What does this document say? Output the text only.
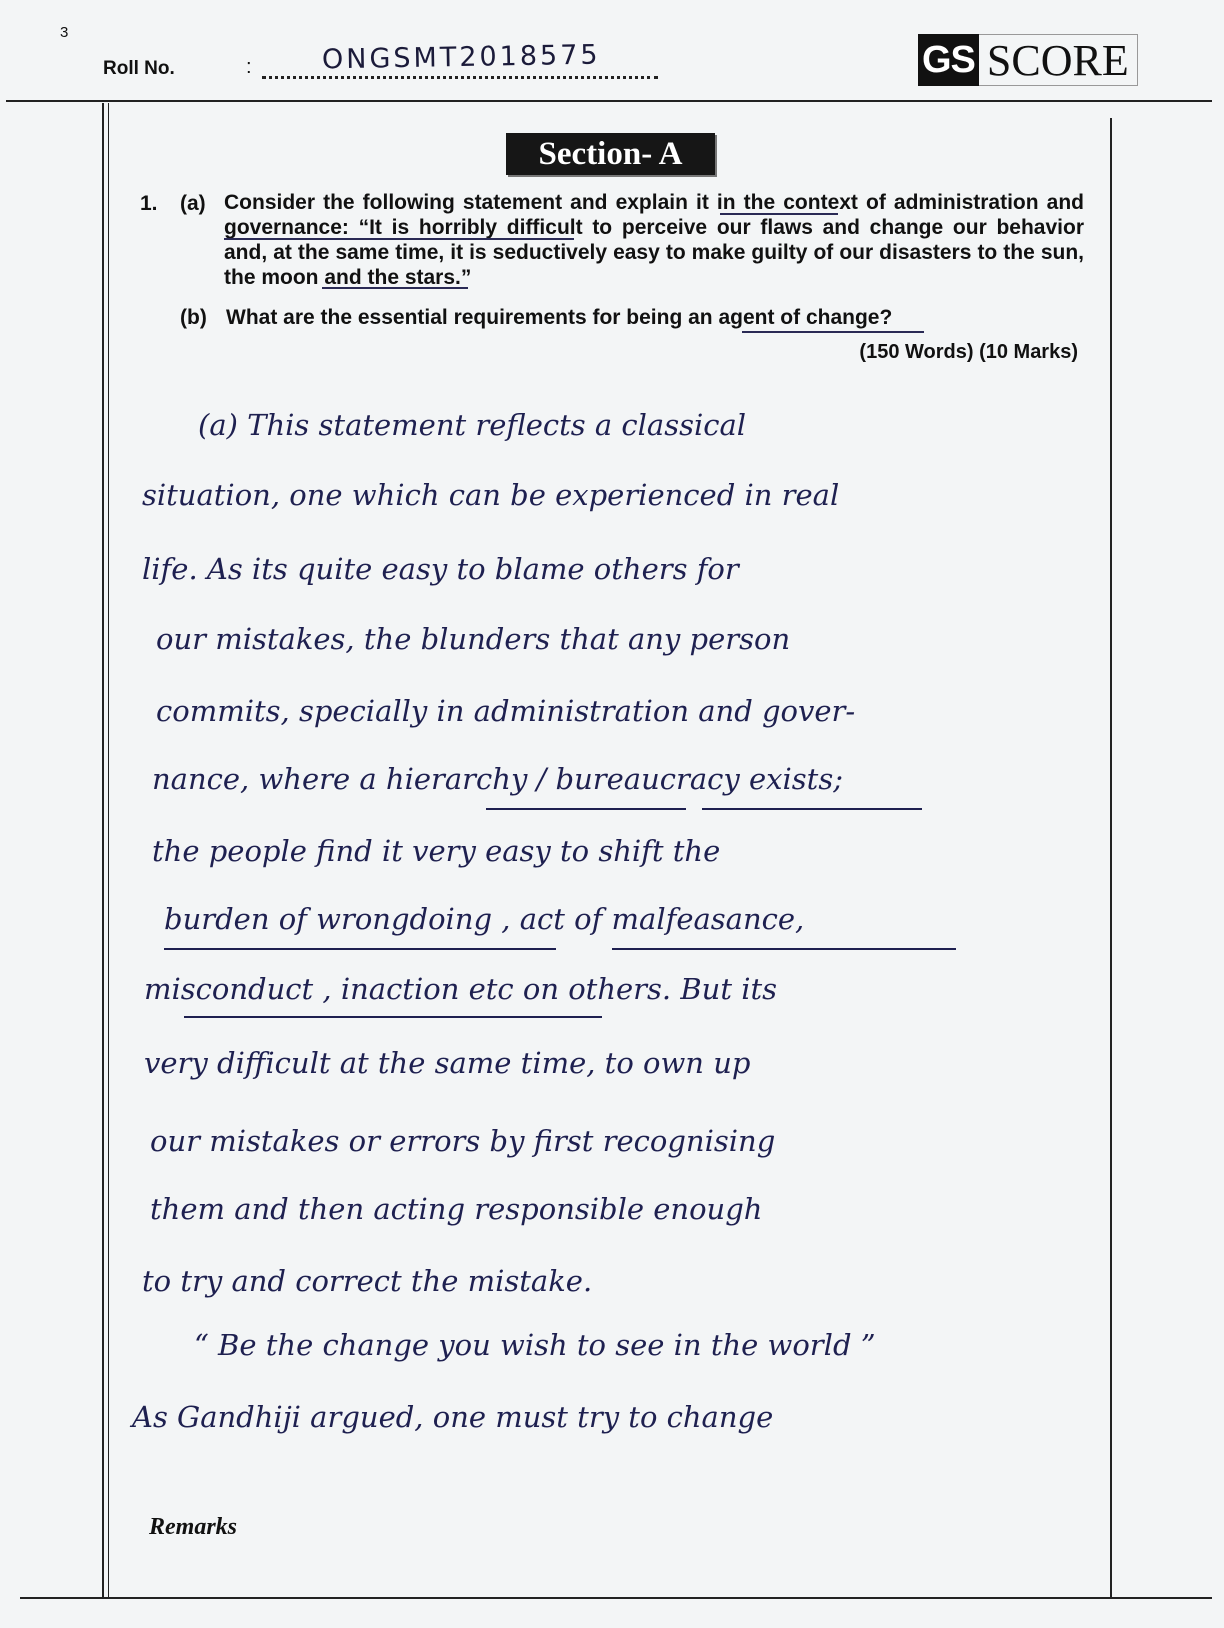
3
Roll No.	:	ONGSMT2018575	GS SCORE
Section- A
1. (a) Consider the following statement and explain it in the context of administration and governance: “It is horribly difficult to perceive our flaws and change our behavior and, at the same time, it is seductively easy to make guilty of our disasters to the sun, the moon and the stars.”
(b) What are the essential requirements for being an agent of change?
(150 Words) (10 Marks)
(a) This statement reflects a classical
situation, one which can be experienced in real
life. As its quite easy to blame others for
our mistakes, the blunders that any person
commits, specially in administration and gover-
nance, where a hierarchy / bureaucracy exists;
the people find it very easy to shift the
burden of wrongdoing , act of malfeasance,
misconduct , inaction etc on others. But its
very difficult at the same time, to own up
our mistakes or errors by first recognising
them and then acting responsible enough
to try and correct the mistake.
“ Be the change you wish to see in the world ”
As Gandhiji argued, one must try to change
Remarks
